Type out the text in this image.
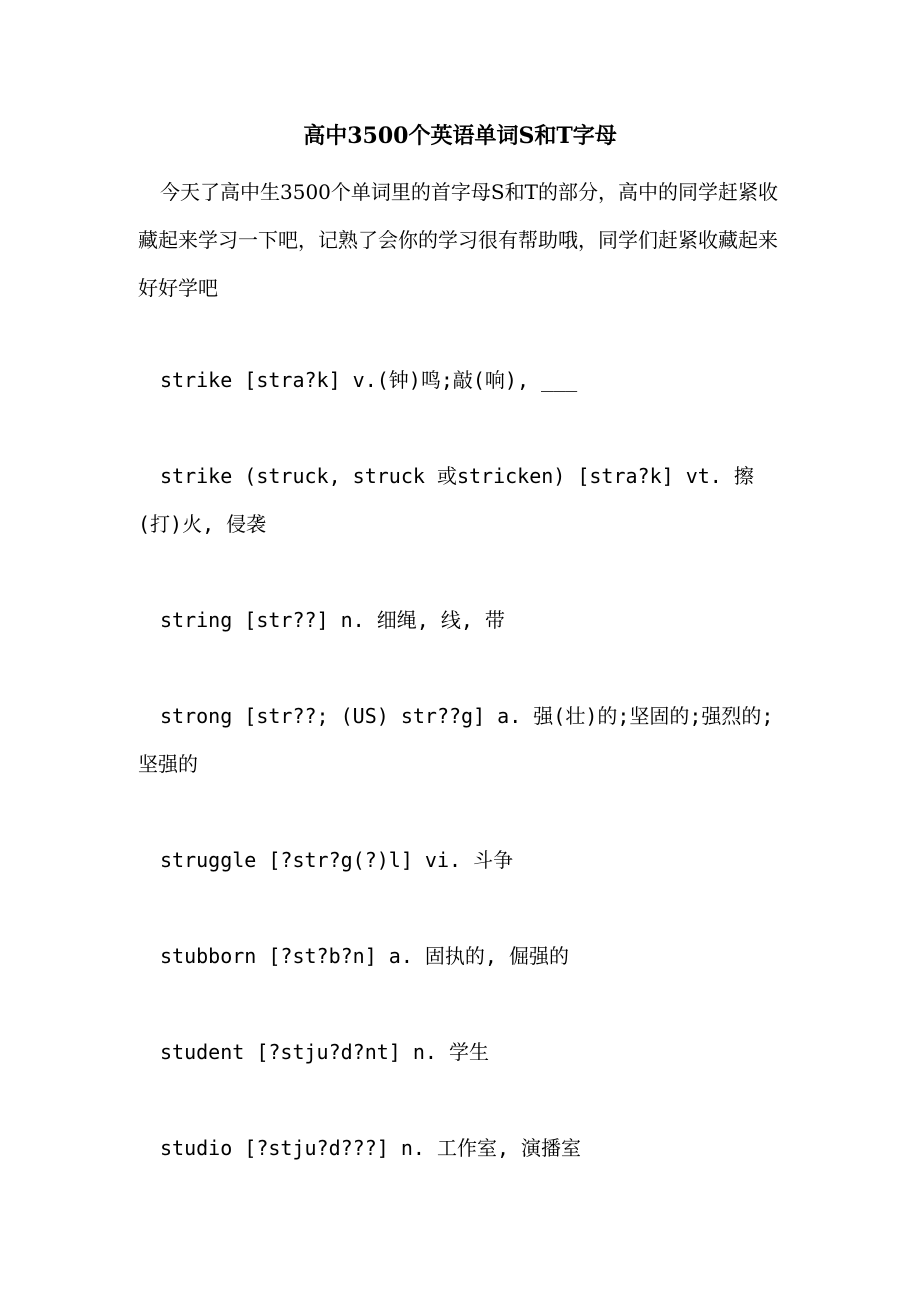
高中3500个英语单词S和T字母
今天了高中生3500个单词里的首字母S和T的部分，高中的同学赶紧收藏起来学习一下吧，记熟了会你的学习很有帮助哦，同学们赶紧收藏起来好好学吧
strike [stra?k] v.(钟)鸣;敲(响), ___
strike (struck, struck 或stricken) [stra?k] vt. 擦(打)火, 侵袭
string [str??] n. 细绳, 线, 带
strong [str??; (US) str??g] a. 强(壮)的;坚固的;强烈的;坚强的
struggle [?str?g(?)l] vi. 斗争
stubborn [?st?b?n] a. 固执的, 倔强的
student [?stju?d?nt] n. 学生
studio [?stju?d???] n. 工作室, 演播室
